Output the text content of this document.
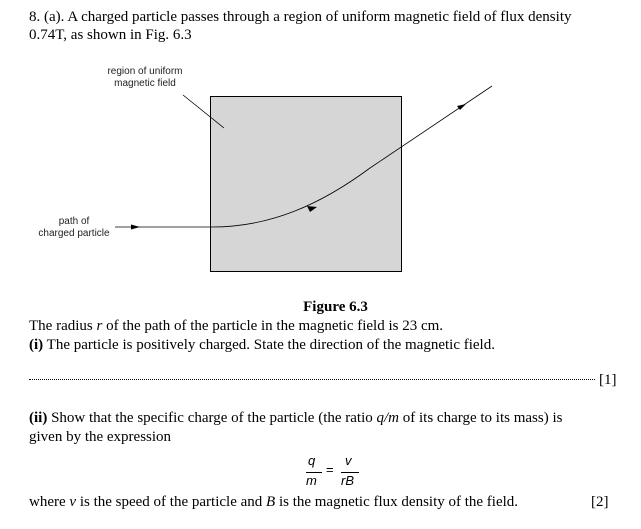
8. (a). A charged particle passes through a region of uniform magnetic field of flux density
0.74T, as shown in Fig. 6.3
region of uniform
magnetic field
path of
charged particle
Figure 6.3
The radius r of the path of the particle in the magnetic field is 23 cm.
(i) The particle is positively charged. State the direction of the magnetic field.
[1]
(ii) Show that the specific charge of the particle (the ratio q/m of its charge to its mass) is
given by the expression
q
m
=
v
rB
where v is the speed of the particle and B is the magnetic flux density of the field.	[2]
